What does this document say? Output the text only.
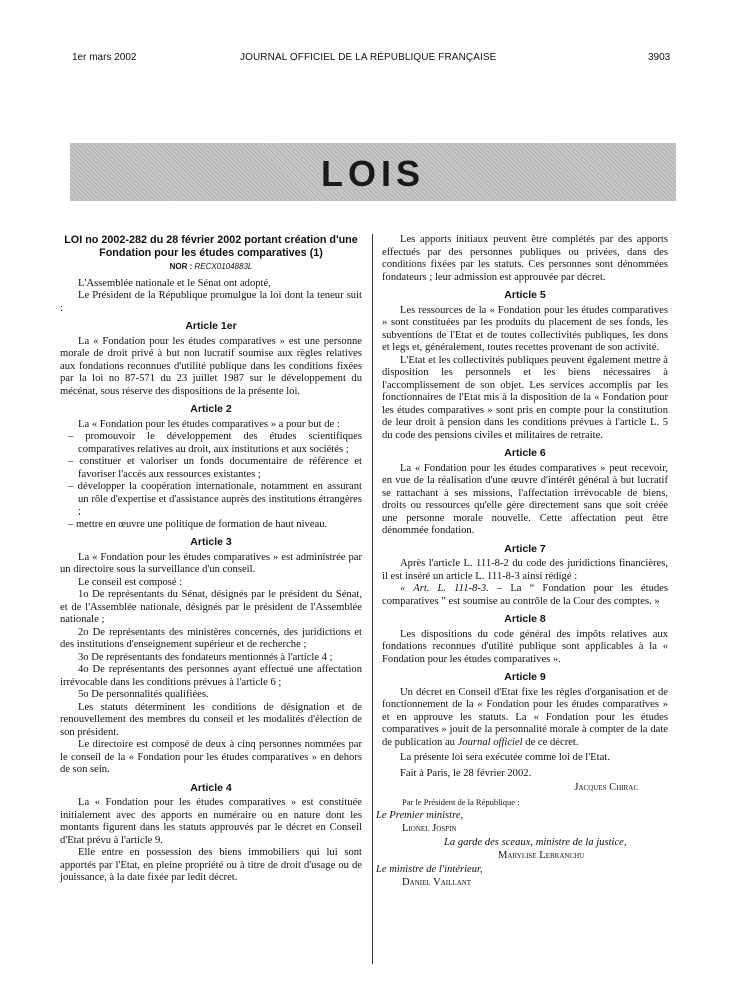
1er mars 2002	JOURNAL OFFICIEL DE LA RÉPUBLIQUE FRANÇAISE	3903
LOIS
LOI no 2002-282 du 28 février 2002 portant création d'une Fondation pour les études comparatives (1)
NOR : RECX0104883L

L'Assemblée nationale et le Sénat ont adopté,

Le Président de la République promulgue la loi dont la teneur suit :

Article 1er

La « Fondation pour les études comparatives » est une personne morale de droit privé à but non lucratif soumise aux règles relatives aux fondations reconnues d'utilité publique dans les conditions fixées par la loi no 87-571 du 23 juillet 1987 sur le développement du mécénat, sous réserve des dispositions de la présente loi.

Article 2

La « Fondation pour les études comparatives » a pour but de :

– promouvoir le développement des études scientifiques comparatives relatives au droit, aux institutions et aux sociétés ;
– constituer et valoriser un fonds documentaire de référence et favoriser l'accès aux ressources existantes ;
– développer la coopération internationale, notamment en assurant un rôle d'expertise et d'assistance auprès des institutions étrangères ;
– mettre en œuvre une politique de formation de haut niveau.
Article 3

La « Fondation pour les études comparatives » est administrée par un directoire sous la surveillance d'un conseil.

Le conseil est composé :

1o De représentants du Sénat, désignés par le président du Sénat, et de l'Assemblée nationale, désignés par le président de l'Assemblée nationale ;

2o De représentants des ministères concernés, des juridictions et des institutions d'enseignement supérieur et de recherche ;

3o De représentants des fondateurs mentionnés à l'article 4 ;

4o De représentants des personnes ayant effectué une affectation irrévocable dans les conditions prévues à l'article 6 ;

5o De personnalités qualifiées.

Les statuts déterminent les conditions de désignation et de renouvellement des membres du conseil et les modalités d'élection de son président.

Le directoire est composé de deux à cinq personnes nommées par le conseil de la « Fondation pour les études comparatives » en dehors de son sein.

Article 4

La « Fondation pour les études comparatives » est constituée initialement avec des apports en numéraire ou en nature dont les montants figurent dans les statuts approuvés par le décret en Conseil d'Etat prévu à l'article 9.

Elle entre en possession des biens immobiliers qui lui sont apportés par l'Etat, en pleine propriété ou à titre de droit d'usage ou de jouissance, à la date fixée par ledit décret.

Les apports initiaux peuvent être complétés par des apports effectués par des personnes publiques ou privées, dans des conditions fixées par les statuts. Ces personnes sont dénommées fondateurs ; leur admission est approuvée par décret.

Article 5

Les ressources de la « Fondation pour les études comparatives » sont constituées par les produits du placement de ses fonds, les subventions de l'Etat et de toutes collectivités publiques, les dons et legs et, généralement, toutes recettes provenant de son activité.

L'Etat et les collectivités publiques peuvent également mettre à disposition les personnels et les biens nécessaires à l'accomplissement de son objet. Les services accomplis par les fonctionnaires de l'Etat mis à la disposition de la « Fondation pour les études comparatives » sont pris en compte pour la constitution de leur droit à pension dans les conditions prévues à l'article L. 5 du code des pensions civiles et militaires de retraite.

Article 6

La « Fondation pour les études comparatives » peut recevoir, en vue de la réalisation d'une œuvre d'intérêt général à but lucratif se rattachant à ses missions, l'affectation irrévocable de biens, droits ou ressources qu'elle gère directement sans que soit créée une personne morale nouvelle. Cette affectation peut être dénommée fondation.

Article 7

Après l'article L. 111-8-2 du code des juridictions financières, il est inséré un article L. 111-8-3 ainsi rédigé :

« Art. L. 111-8-3. – La “ Fondation pour les études comparatives ” est soumise au contrôle de la Cour des comptes. »

Article 8

Les dispositions du code général des impôts relatives aux fondations reconnues d'utilité publique sont applicables à la « Fondation pour les études comparatives ».

Article 9

Un décret en Conseil d'Etat fixe les règles d'organisation et de fonctionnement de la « Fondation pour les études comparatives » et en approuve les statuts. La « Fondation pour les études comparatives » jouit de la personnalité morale à compter de la date de publication au Journal officiel de ce décret.

La présente loi sera exécutée comme loi de l'Etat.

Fait à Paris, le 28 février 2002.

Jacques Chirac
Par le Président de la République :
Le Premier ministre,
Lionel Jospin
La garde des sceaux, ministre de la justice,
Marylise Lebranchu
Le ministre de l'intérieur,
Daniel Vaillant
